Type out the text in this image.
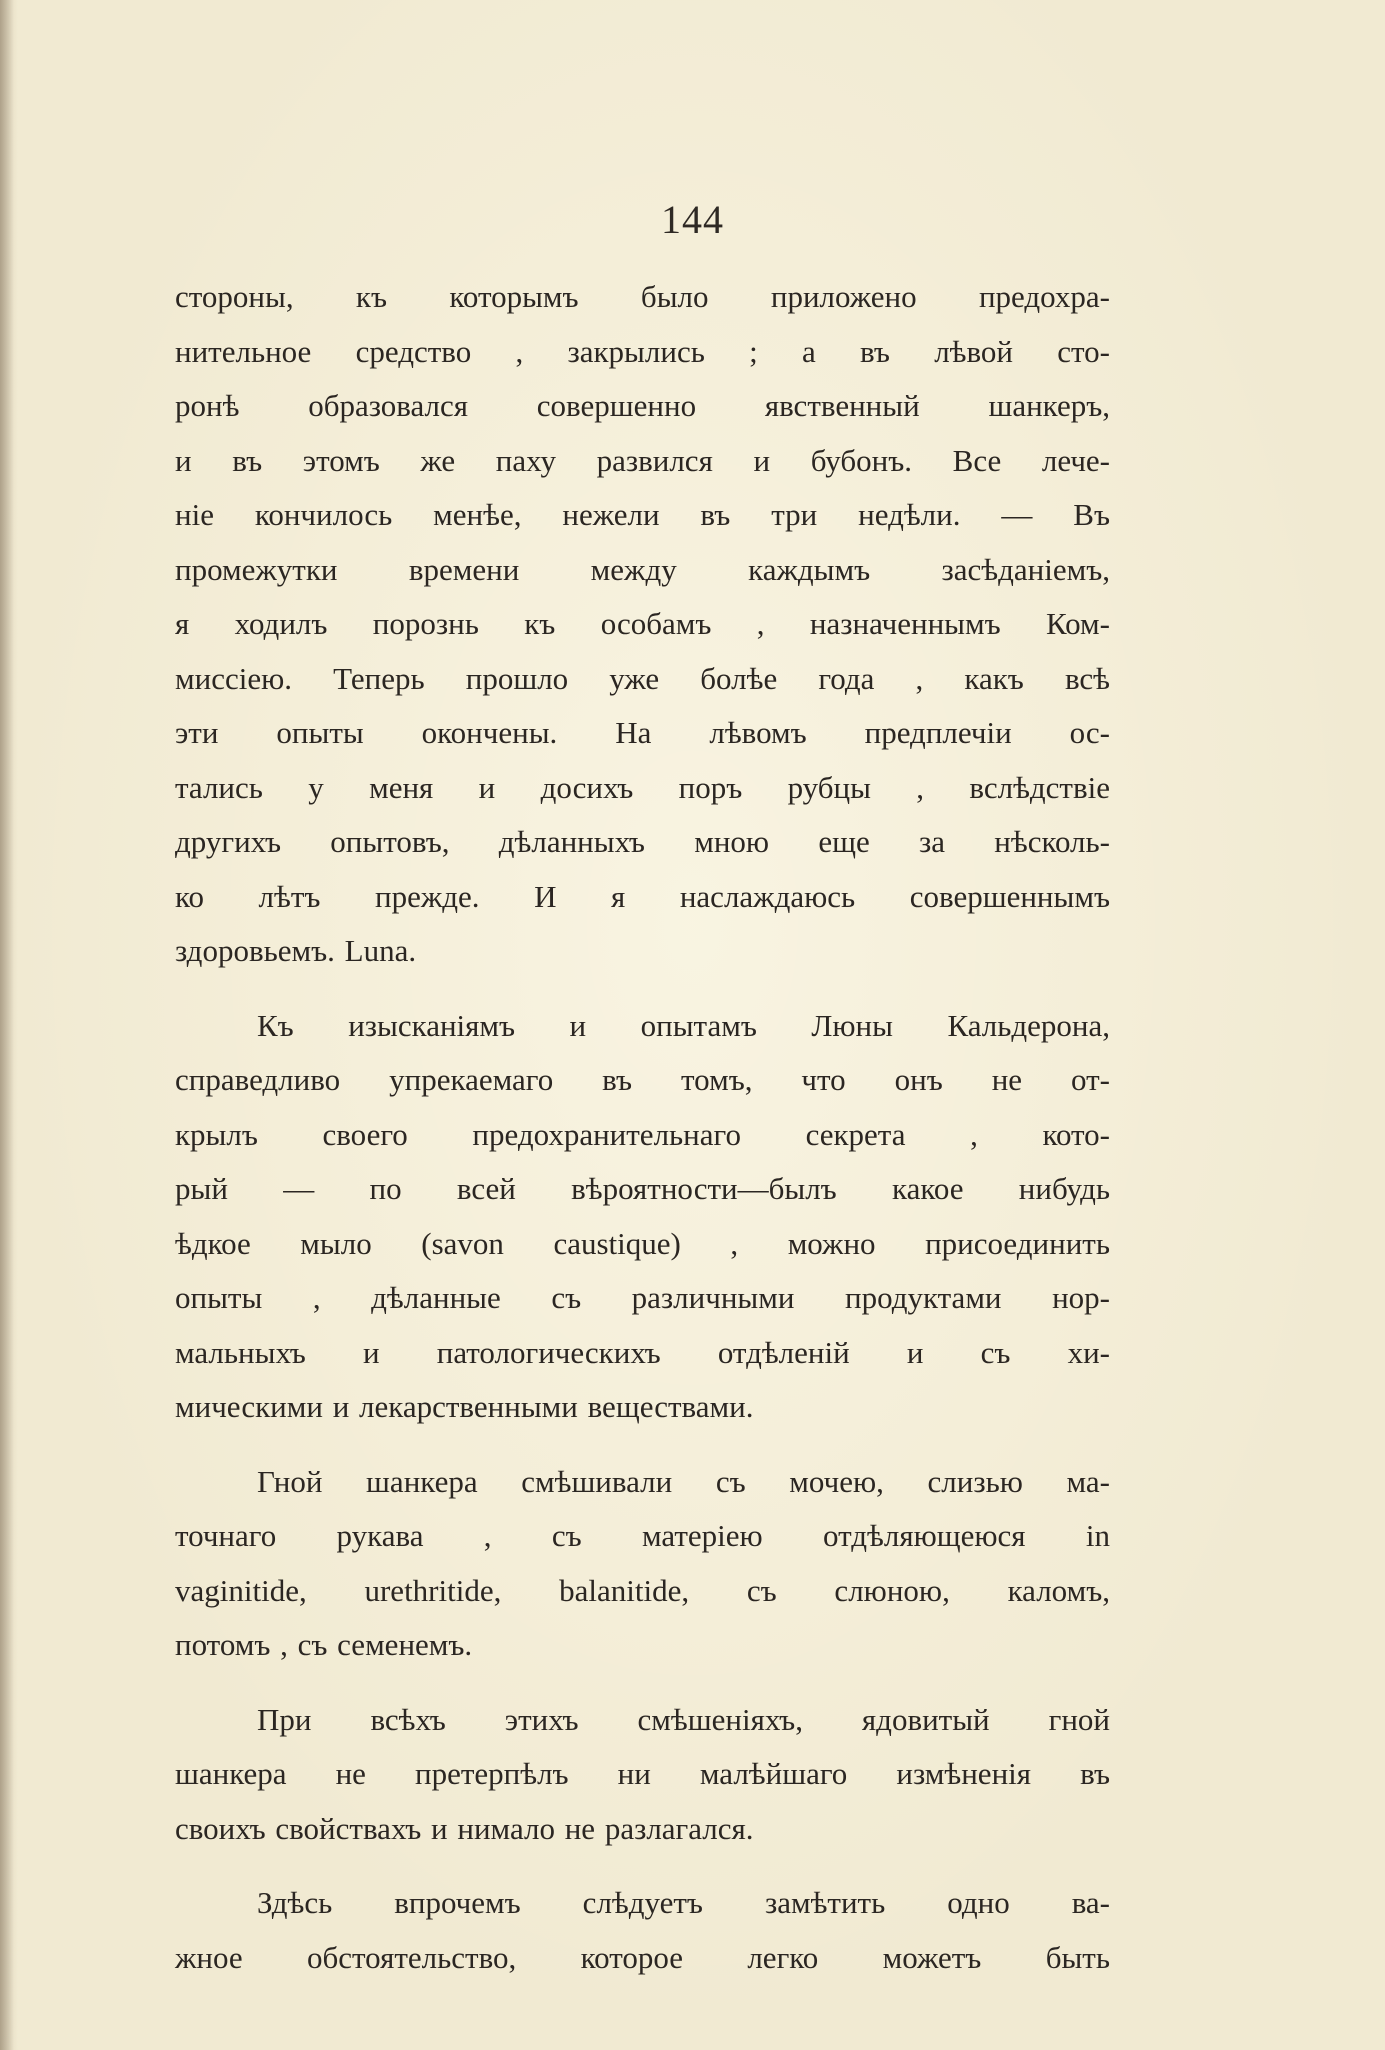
144
стороны, къ которымъ было приложено предохра-
нительное средство , закрылись ; а въ лѣвой сто-
ронѣ образовался совершенно явственный шанкеръ,
и въ этомъ же паху развился и бубонъ. Все лече-
ніе кончилось менѣе, нежели въ три недѣли. — Въ
промежутки времени между каждымъ засѣданіемъ,
я ходилъ порознь къ особамъ , назначеннымъ Ком-
миссіею. Теперь прошло уже болѣе года , какъ всѣ
эти опыты окончены. На лѣвомъ предплечіи ос-
тались у меня и досихъ поръ рубцы , вслѣдствіе
другихъ опытовъ, дѣланныхъ мною еще за нѣсколь-
ко лѣтъ прежде. И я наслаждаюсь совершеннымъ
здоровьемъ. Luna.
Къ изысканіямъ и опытамъ Люны Кальдерона,
справедливо упрекаемаго въ томъ, что онъ не от-
крылъ своего предохранительнаго секрета , кото-
рый — по всей вѣроятности—былъ какое нибудь
ѣдкое мыло (savon caustique) , можно присоединить
опыты , дѣланные съ различными продуктами нор-
мальныхъ и патологическихъ отдѣленій и съ хи-
мическими и лекарственными веществами.
Гной шанкера смѣшивали съ мочею, слизью ма-
точнаго рукава , съ матеріею отдѣляющеюся in
vaginitide, urethritide, balanitide, съ слюною, каломъ,
потомъ , съ семенемъ.
При всѣхъ этихъ смѣшеніяхъ, ядовитый гной
шанкера не претерпѣлъ ни малѣйшаго измѣненія въ
своихъ свойствахъ и нимало не разлагался.
Здѣсь впрочемъ слѣдуетъ замѣтить одно ва-
жное обстоятельство, которое легко можетъ быть
